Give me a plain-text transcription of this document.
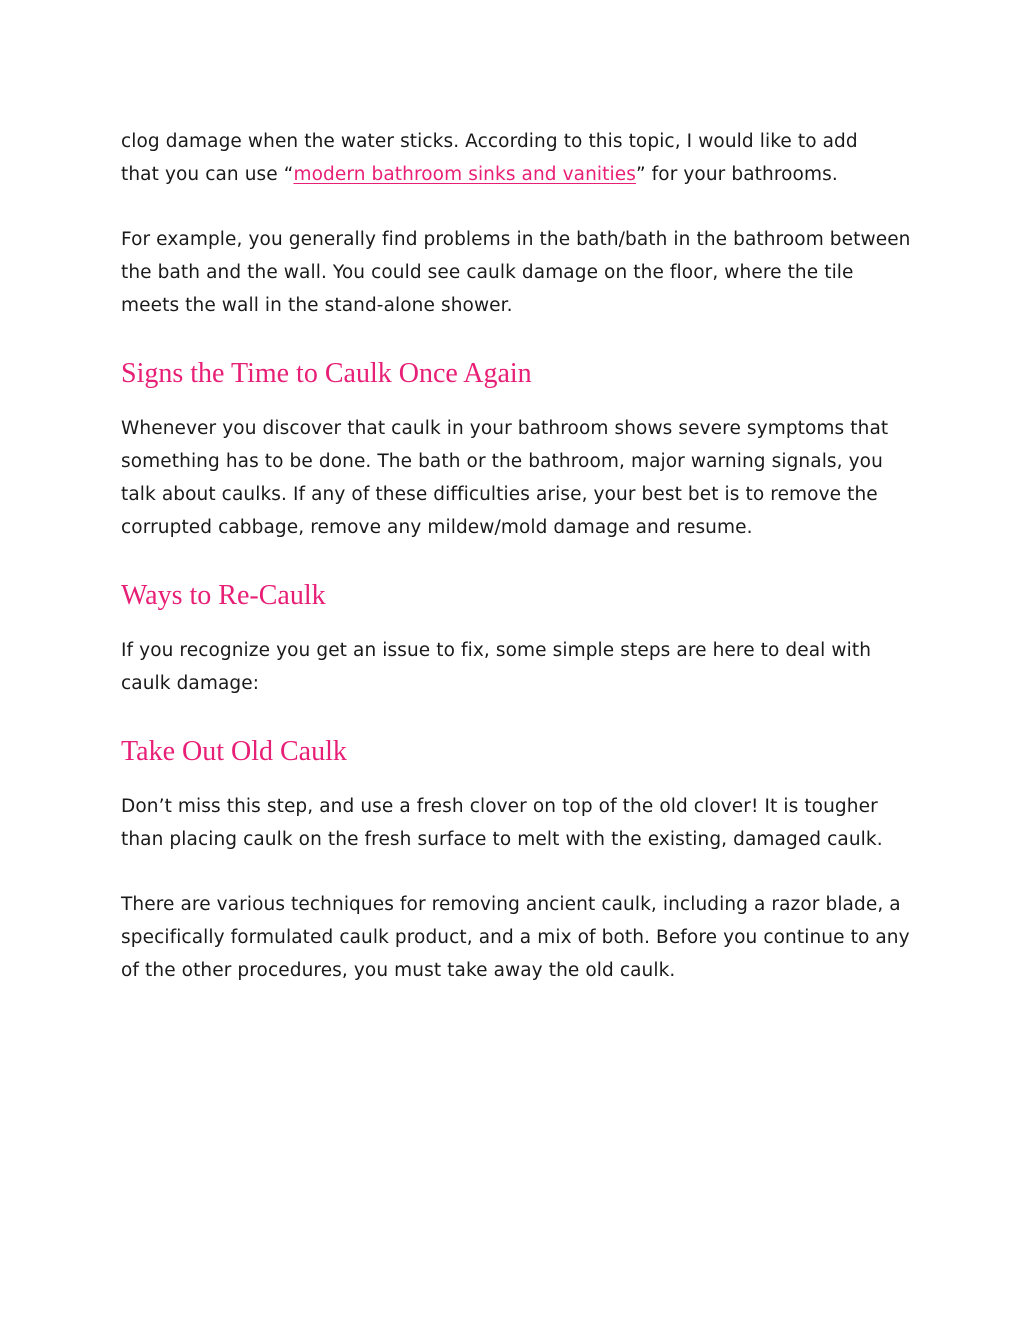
clog damage when the water sticks. According to this topic, I would like to add
that you can use “modern bathroom sinks and vanities” for your bathrooms.

For example, you generally find problems in the bath/bath in the bathroom between the bath and the wall. You could see caulk damage on the floor, where the tile meets the wall in the stand-alone shower.

Signs the Time to Caulk Once Again

Whenever you discover that caulk in your bathroom shows severe symptoms that something has to be done. The bath or the bathroom, major warning signals, you talk about caulks. If any of these difficulties arise, your best bet is to remove the corrupted cabbage, remove any mildew/mold damage and resume.

Ways to Re-Caulk

If you recognize you get an issue to fix, some simple steps are here to deal with caulk damage:

Take Out Old Caulk

Don’t miss this step, and use a fresh clover on top of the old clover! It is tougher than placing caulk on the fresh surface to melt with the existing, damaged caulk.

There are various techniques for removing ancient caulk, including a razor blade, a specifically formulated caulk product, and a mix of both. Before you continue to any of the other procedures, you must take away the old caulk.
